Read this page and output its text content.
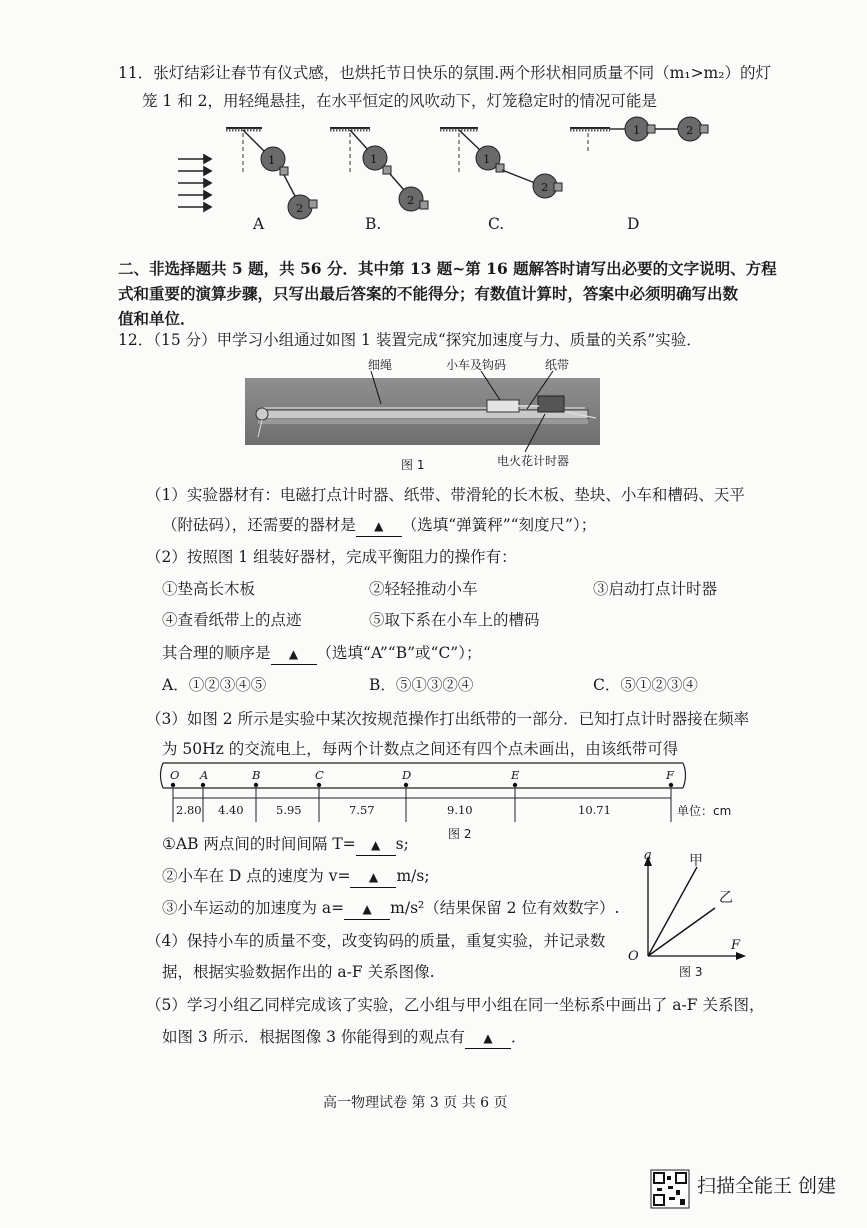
11．张灯结彩让春节有仪式感，也烘托节日快乐的氛围.两个形状相同质量不同（m₁>m₂）的灯
笼 1 和 2，用轻绳悬挂，在水平恒定的风吹动下，灯笼稳定时的情况可能是
1
2
1
2
1
2
1	2
A	B.	C.	D
二、非选择题共 5 题，共 56 分．其中第 13 题~第 16 题解答时请写出必要的文字说明、方程
式和重要的演算步骤，只写出最后答案的不能得分；有数值计算时，答案中必须明确写出数
值和单位．
12．（15 分）甲学习小组通过如图 1 装置完成“探究加速度与力、质量的关系”实验．
细绳	小车及钩码	纸带
电火花计时器
图 1
（1）实验器材有：电磁打点计时器、纸带、带滑轮的长木板、垫块、小车和槽码、天平
（附砝码），还需要的器材是 ▲ （选填“弹簧秤”“刻度尺”）；
（2）按照图 1 组装好器材，完成平衡阻力的操作有：
①垫高长木板	②轻轻推动小车	③启动打点计时器
④查看纸带上的点迹	⑤取下系在小车上的槽码
其合理的顺序是 ▲ （选填“A”“B”或“C”）；
A．①②③④⑤	B．⑤①③②④	C．⑤①②③④
（3）如图 2 所示是实验中某次按规范操作打出纸带的一部分．已知打点计时器接在频率
为 50Hz 的交流电上，每两个计数点之间还有四个点未画出，由该纸带可得
O A	B	C	D	E	F
2.80 4.40	5.95	7.57	9.10	10.71	单位：cm
图 2
①AB 两点间的时间间隔 T= ▲ s;
②小车在 D 点的速度为 v= ▲ m/s;
③小车运动的加速度为 a= ▲ m/s²（结果保留 2 位有效数字）.
（4）保持小车的质量不变，改变钩码的质量，重复实验，并记录数
据，根据实验数据作出的 a-F 关系图像.
a
F
O
甲
乙
图 3
（5）学习小组乙同样完成该了实验，乙小组与甲小组在同一坐标系中画出了 a-F 关系图，
如图 3 所示．根据图像 3 你能得到的观点有 ▲ ．
高一物理试卷 第 3 页 共 6 页
扫描全能王 创建
